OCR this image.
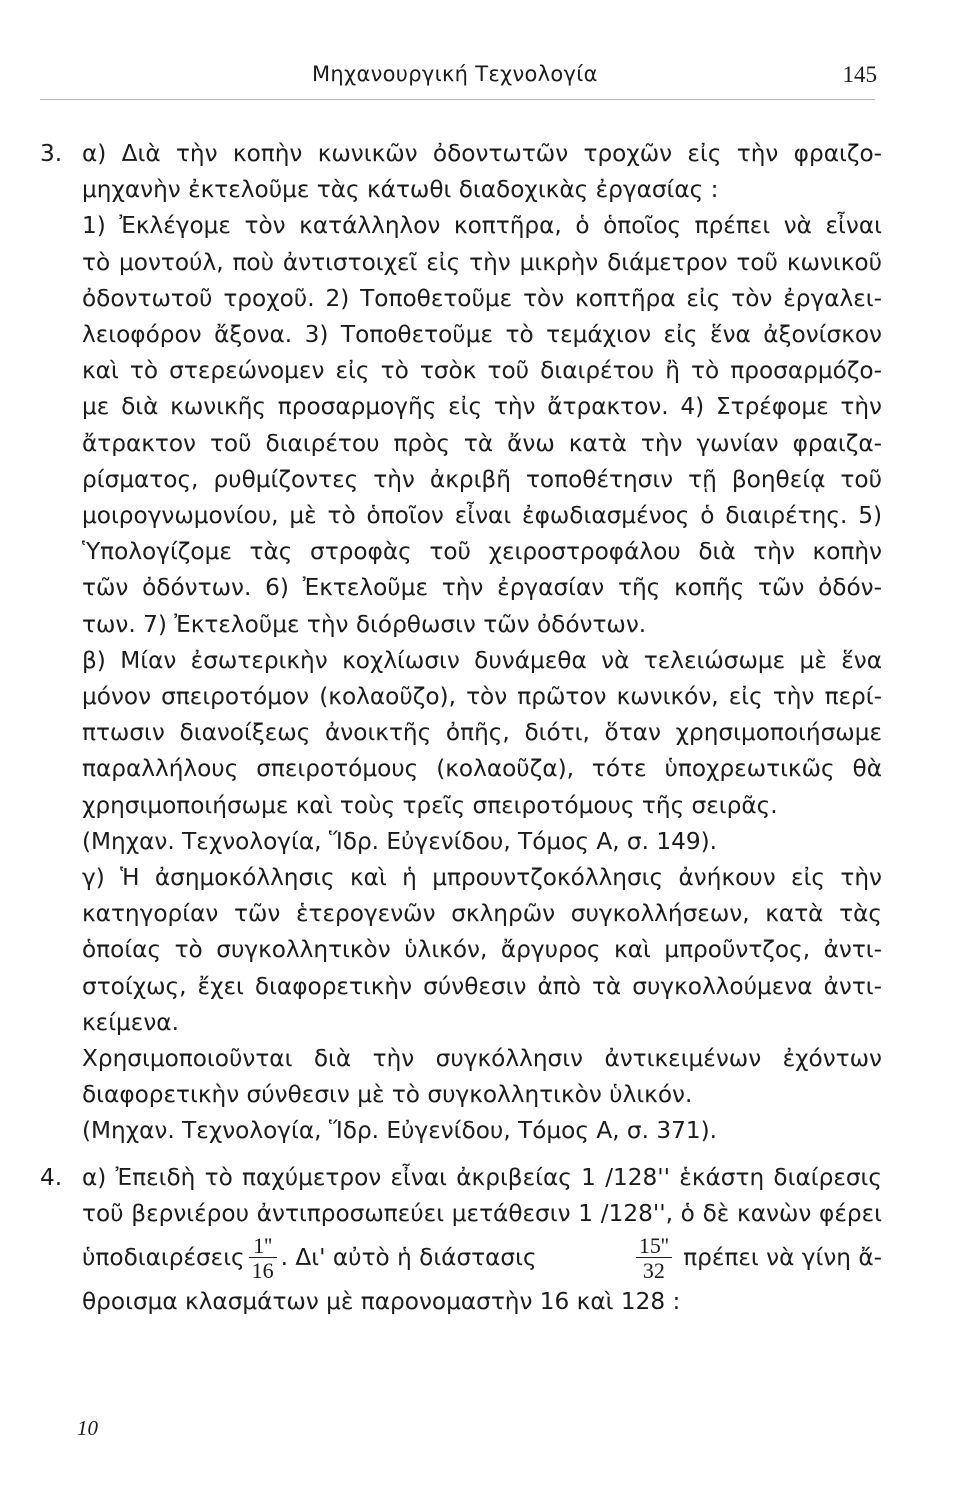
Μηχανουργική Τεχνολογία	145

3. α) Διὰ τὴν κοπὴν κωνικῶν ὀδοντωτῶν τροχῶν εἰς τὴν φραιζο-
μηχανὴν ἐκτελοῦμε τὰς κάτωθι διαδοχικὰς ἐργασίας :
1) Ἐκλέγομε τὸν κατάλληλον κοπτῆρα, ὁ ὁποῖος πρέπει νὰ εἶναι
τὸ μοντούλ, ποὺ ἀντιστοιχεῖ εἰς τὴν μικρὴν διάμετρον τοῦ κωνικοῦ
ὀδοντωτοῦ τροχοῦ. 2) Τοποθετοῦμε τὸν κοπτῆρα εἰς τὸν ἐργαλει-
λειοφόρον ἄξονα. 3) Τοποθετοῦμε τὸ τεμάχιον εἰς ἕνα ἀξονίσκον
καὶ τὸ στερεώνομεν εἰς τὸ τσὸκ τοῦ διαιρέτου ἢ τὸ προσαρμόζο-
με διὰ κωνικῆς προσαρμογῆς εἰς τὴν ἄτρακτον. 4) Στρέφομε τὴν
ἄτρακτον τοῦ διαιρέτου πρὸς τὰ ἄνω κατὰ τὴν γωνίαν φραιζα-
ρίσματος, ρυθμίζοντες τὴν ἀκριβῆ τοποθέτησιν τῇ βοηθείᾳ τοῦ
μοιρογνωμονίου, μὲ τὸ ὁποῖον εἶναι ἐφωδιασμένος ὁ διαιρέτης. 5)
Ὑπολογίζομε τὰς στροφὰς τοῦ χειροστροφάλου διὰ τὴν κοπὴν
τῶν ὀδόντων. 6) Ἐκτελοῦμε τὴν ἐργασίαν τῆς κοπῆς τῶν ὀδόν-
των. 7) Ἐκτελοῦμε τὴν διόρθωσιν τῶν ὀδόντων.

β) Μίαν ἐσωτερικὴν κοχλίωσιν δυνάμεθα νὰ τελειώσωμε μὲ ἕνα
μόνον σπειροτόμον (κολαοῦζο), τὸν πρῶτον κωνικόν, εἰς τὴν περί-
πτωσιν διανοίξεως ἀνοικτῆς ὀπῆς, διότι, ὅταν χρησιμοποιήσωμε
παραλλήλους σπειροτόμους (κολαοῦζα), τότε ὑποχρεωτικῶς θὰ
χρησιμοποιήσωμε καὶ τοὺς τρεῖς σπειροτόμους τῆς σειρᾶς.
(Μηχαν. Τεχνολογία, Ἵδρ. Εὐγενίδου, Τόμος Α, σ. 149).

γ) Ἡ ἀσημοκόλλησις καὶ ἡ μπρουντζοκόλλησις ἀνήκουν εἰς τὴν
κατηγορίαν τῶν ἑτερογενῶν σκληρῶν συγκολλήσεων, κατὰ τὰς
ὁποίας τὸ συγκολλητικὸν ὑλικόν, ἄργυρος καὶ μπροῦντζος, ἀντι-
στοίχως, ἔχει διαφορετικὴν σύνθεσιν ἀπὸ τὰ συγκολλούμενα ἀντι-
κείμενα.
Χρησιμοποιοῦνται διὰ τὴν συγκόλλησιν ἀντικειμένων ἐχόντων
διαφορετικὴν σύνθεσιν μὲ τὸ συγκολλητικὸν ὑλικόν.
(Μηχαν. Τεχνολογία, Ἵδρ. Εὐγενίδου, Τόμος Α, σ. 371).

4. α) Ἐπειδὴ τὸ παχύμετρον εἶναι ἀκριβείας 1 /128'' ἑκάστη διαίρεσις
τοῦ βερνιέρου ἀντιπροσωπεύει μετάθεσιν 1 /128'', ὁ δὲ κανὼν φέρει
ὑποδιαιρέσεις $\frac{1''}{16}$ . Δι' αὐτὸ ἡ διάστασις	$\frac{15''}{32}$ πρέπει νὰ γίνη ἄ-
θροισμα κλασμάτων μὲ παρονομαστὴν 16 καὶ 128 :

10
